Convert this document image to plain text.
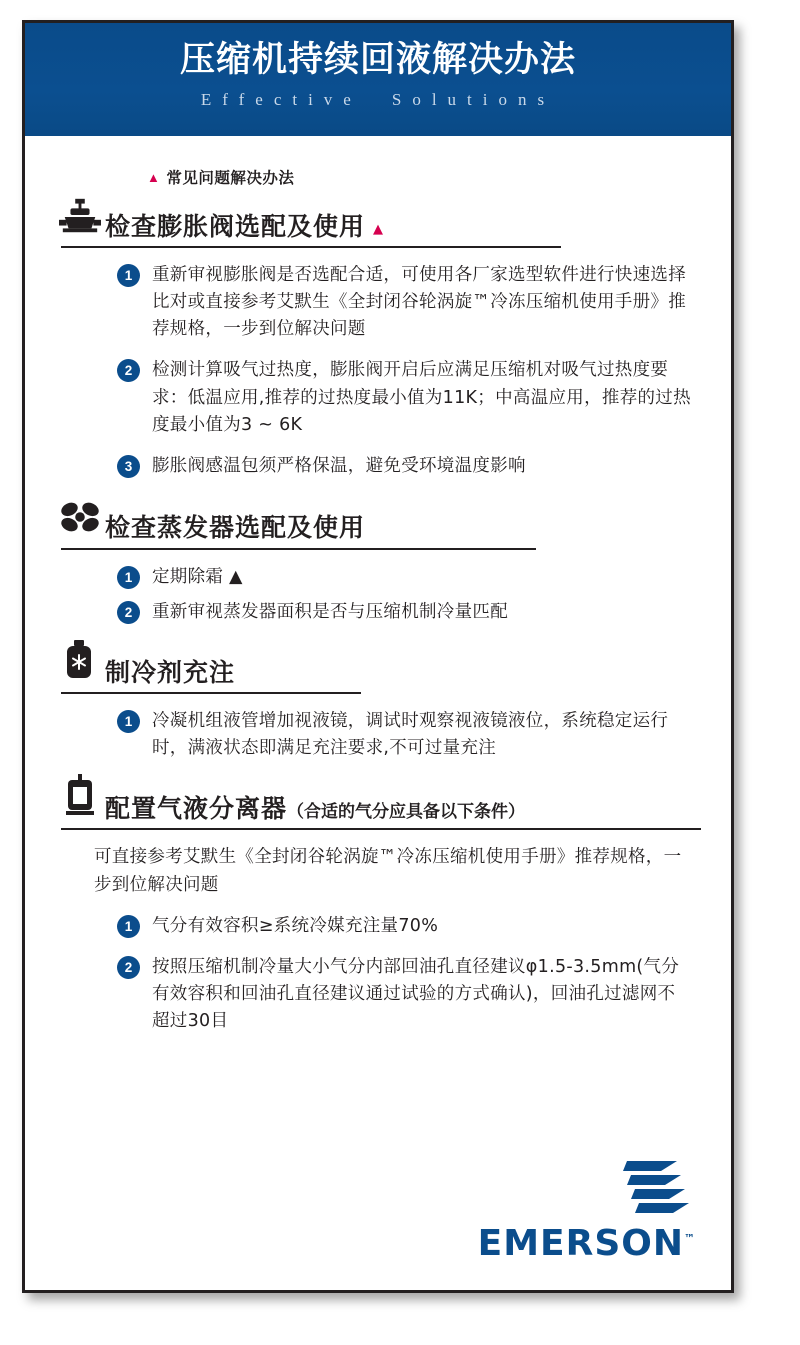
压缩机持续回液解决办法
Effective Solutions
▲ 常见问题解决办法
检查膨胀阀选配及使用 ▲
1	重新审视膨胀阀是否选配合适，可使用各厂家选型软件进行快速选择比对或直接参考艾默生《全封闭谷轮涡旋™冷冻压缩机使用手册》推荐规格，一步到位解决问题
2	检测计算吸气过热度，膨胀阀开启后应满足压缩机对吸气过热度要求：低温应用,推荐的过热度最小值为11K；中高温应用，推荐的过热度最小值为3 ~ 6K
3	膨胀阀感温包须严格保温，避免受环境温度影响
检查蒸发器选配及使用
1	定期除霜 ▲
2	重新审视蒸发器面积是否与压缩机制冷量匹配
制冷剂充注
1	冷凝机组液管增加视液镜，调试时观察视液镜液位，系统稳定运行时，满液状态即满足充注要求,不可过量充注
配置气液分离器（合适的气分应具备以下条件）
可直接参考艾默生《全封闭谷轮涡旋™冷冻压缩机使用手册》推荐规格，一步到位解决问题
1	气分有效容积≥系统冷媒充注量70%
2	按照压缩机制冷量大小气分内部回油孔直径建议φ1.5-3.5mm(气分有效容积和回油孔直径建议通过试验的方式确认)，回油孔过滤网不超过30目
EMERSON™
